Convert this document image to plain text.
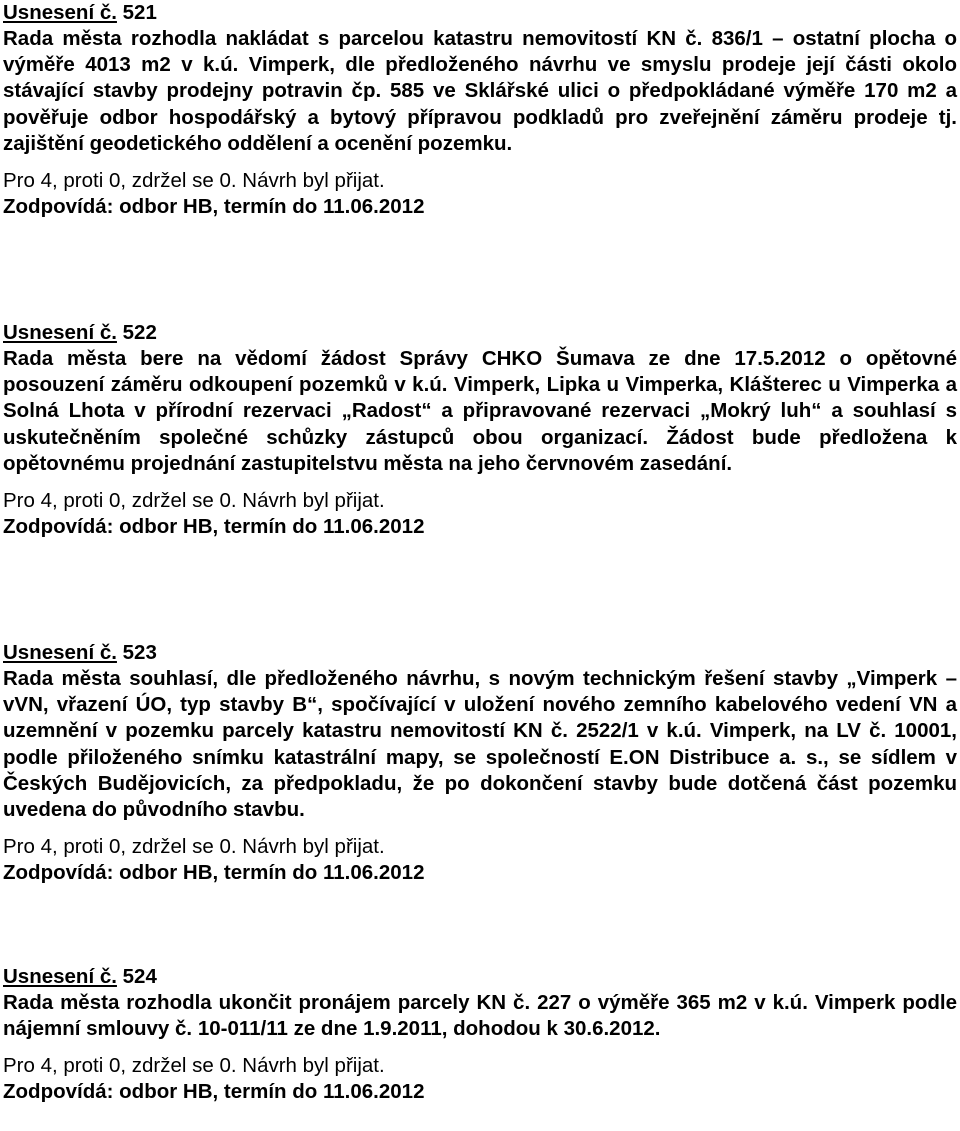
Usnesení č. 521

Rada města rozhodla nakládat s parcelou katastru nemovitostí KN č. 836/1 – ostatní plocha o výměře 4013 m2 v k.ú. Vimperk, dle předloženého návrhu ve smyslu prodeje její části okolo stávající stavby prodejny potravin čp. 585 ve Sklářské ulici o předpokládané výměře 170 m2 a pověřuje odbor hospodářský a bytový přípravou podkladů pro zveřejnění záměru prodeje tj. zajištění geodetického oddělení a ocenění pozemku.

Pro 4, proti 0, zdržel se 0. Návrh byl přijat.

Zodpovídá: odbor HB, termín do 11.06.2012

Usnesení č. 522

Rada města bere na vědomí žádost Správy CHKO Šumava ze dne 17.5.2012 o opětovné posouzení záměru odkoupení pozemků v k.ú. Vimperk, Lipka u Vimperka, Klášterec u Vimperka a Solná Lhota v přírodní rezervaci „Radost“ a připravované rezervaci „Mokrý luh“ a souhlasí s uskutečněním společné schůzky zástupců obou organizací. Žádost bude předložena k opětovnému projednání zastupitelstvu města na jeho červnovém zasedání.

Pro 4, proti 0, zdržel se 0. Návrh byl přijat.

Zodpovídá: odbor HB, termín do 11.06.2012

Usnesení č. 523

Rada města souhlasí, dle předloženého návrhu, s novým technickým řešení stavby „Vimperk – vVN, vřazení ÚO, typ stavby B“, spočívající v uložení nového zemního kabelového vedení VN a uzemnění v pozemku parcely katastru nemovitostí KN č. 2522/1 v k.ú. Vimperk, na LV č. 10001, podle přiloženého snímku katastrální mapy, se společností E.ON Distribuce a. s., se sídlem v Českých Budějovicích, za předpokladu, že po dokončení stavby bude dotčená část pozemku uvedena do původního stavbu.

Pro 4, proti 0, zdržel se 0. Návrh byl přijat.

Zodpovídá: odbor HB, termín do 11.06.2012

Usnesení č. 524

Rada města rozhodla ukončit pronájem parcely KN č. 227 o výměře 365 m2 v k.ú. Vimperk podle nájemní smlouvy č. 10-011/11 ze dne 1.9.2011, dohodou k 30.6.2012.

Pro 4, proti 0, zdržel se 0. Návrh byl přijat.

Zodpovídá: odbor HB, termín do 11.06.2012
